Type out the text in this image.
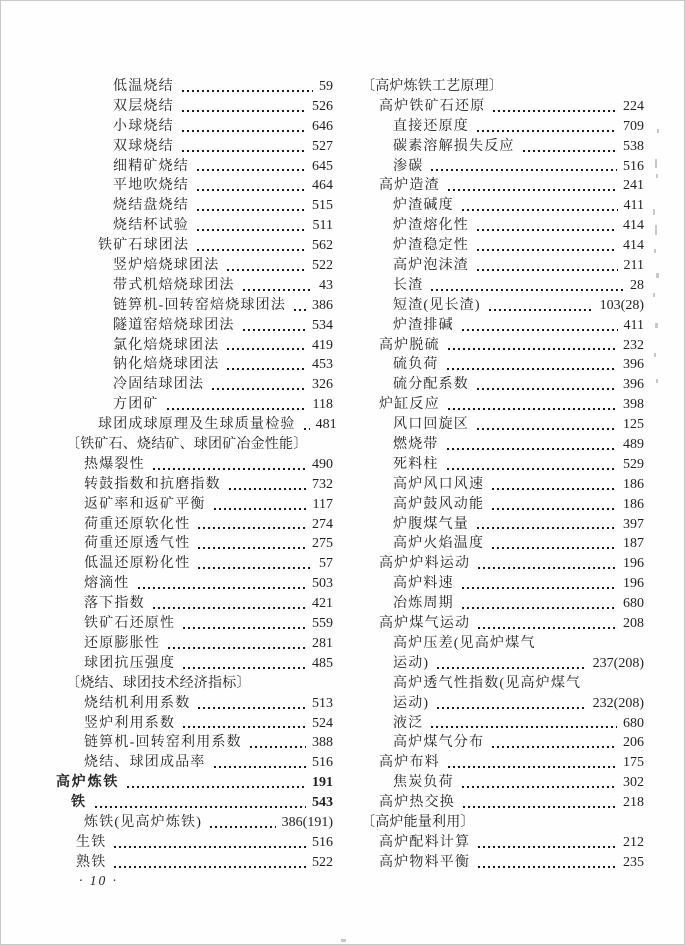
低温烧结	59
双层烧结	526
小球烧结	646
双球烧结	527
细精矿烧结	645
平地吹烧结	464
烧结盘烧结	515
烧结杯试验	511
铁矿石球团法	562
竖炉焙烧球团法	522
带式机焙烧球团法	43
链箅机-回转窑焙烧球团法 386
隧道窑焙烧球团法	534
氯化焙烧球团法	419
钠化焙烧球团法	453
冷固结球团法	326
方团矿	118
球团成球原理及生球质量检验 481
〔铁矿石、烧结矿、球团矿冶金性能〕
热爆裂性	490
转鼓指数和抗磨指数	732
返矿率和返矿平衡	117
荷重还原软化性	274
荷重还原透气性	275
低温还原粉化性	57
熔滴性	503
落下指数	421
铁矿石还原性	559
还原膨胀性	281
球团抗压强度	485
〔烧结、球团技术经济指标〕
烧结机利用系数	513
竖炉利用系数	524
链箅机-回转窑利用系数	388
烧结、球团成品率	516
高炉炼铁	191
铁	543
炼铁(见高炉炼铁)	386(191)
生铁	516
熟铁	522
〔高炉炼铁工艺原理〕
高炉铁矿石还原	224
直接还原度	709
碳素溶解损失反应	538
渗碳	516
高炉造渣	241
炉渣碱度	411
炉渣熔化性	414
炉渣稳定性	414
高炉泡沫渣	211
长渣	28
短渣(见长渣)	103(28)
炉渣排碱	411
高炉脱硫	232
硫负荷	396
硫分配系数	396
炉缸反应	398
风口回旋区	125
燃烧带	489
死料柱	529
高炉风口风速	186
高炉鼓风动能	186
炉腹煤气量	397
高炉火焰温度	187
高炉炉料运动	196
高炉料速	196
冶炼周期	680
高炉煤气运动	208
高炉压差(见高炉煤气
运动)	237(208)
高炉透气性指数(见高炉煤气
运动)	232(208)
液泛	680
高炉煤气分布	206
高炉布料	175
焦炭负荷	302
高炉热交换	218
〔高炉能量利用〕
高炉配料计算	212
高炉物料平衡	235
· 10 ·
